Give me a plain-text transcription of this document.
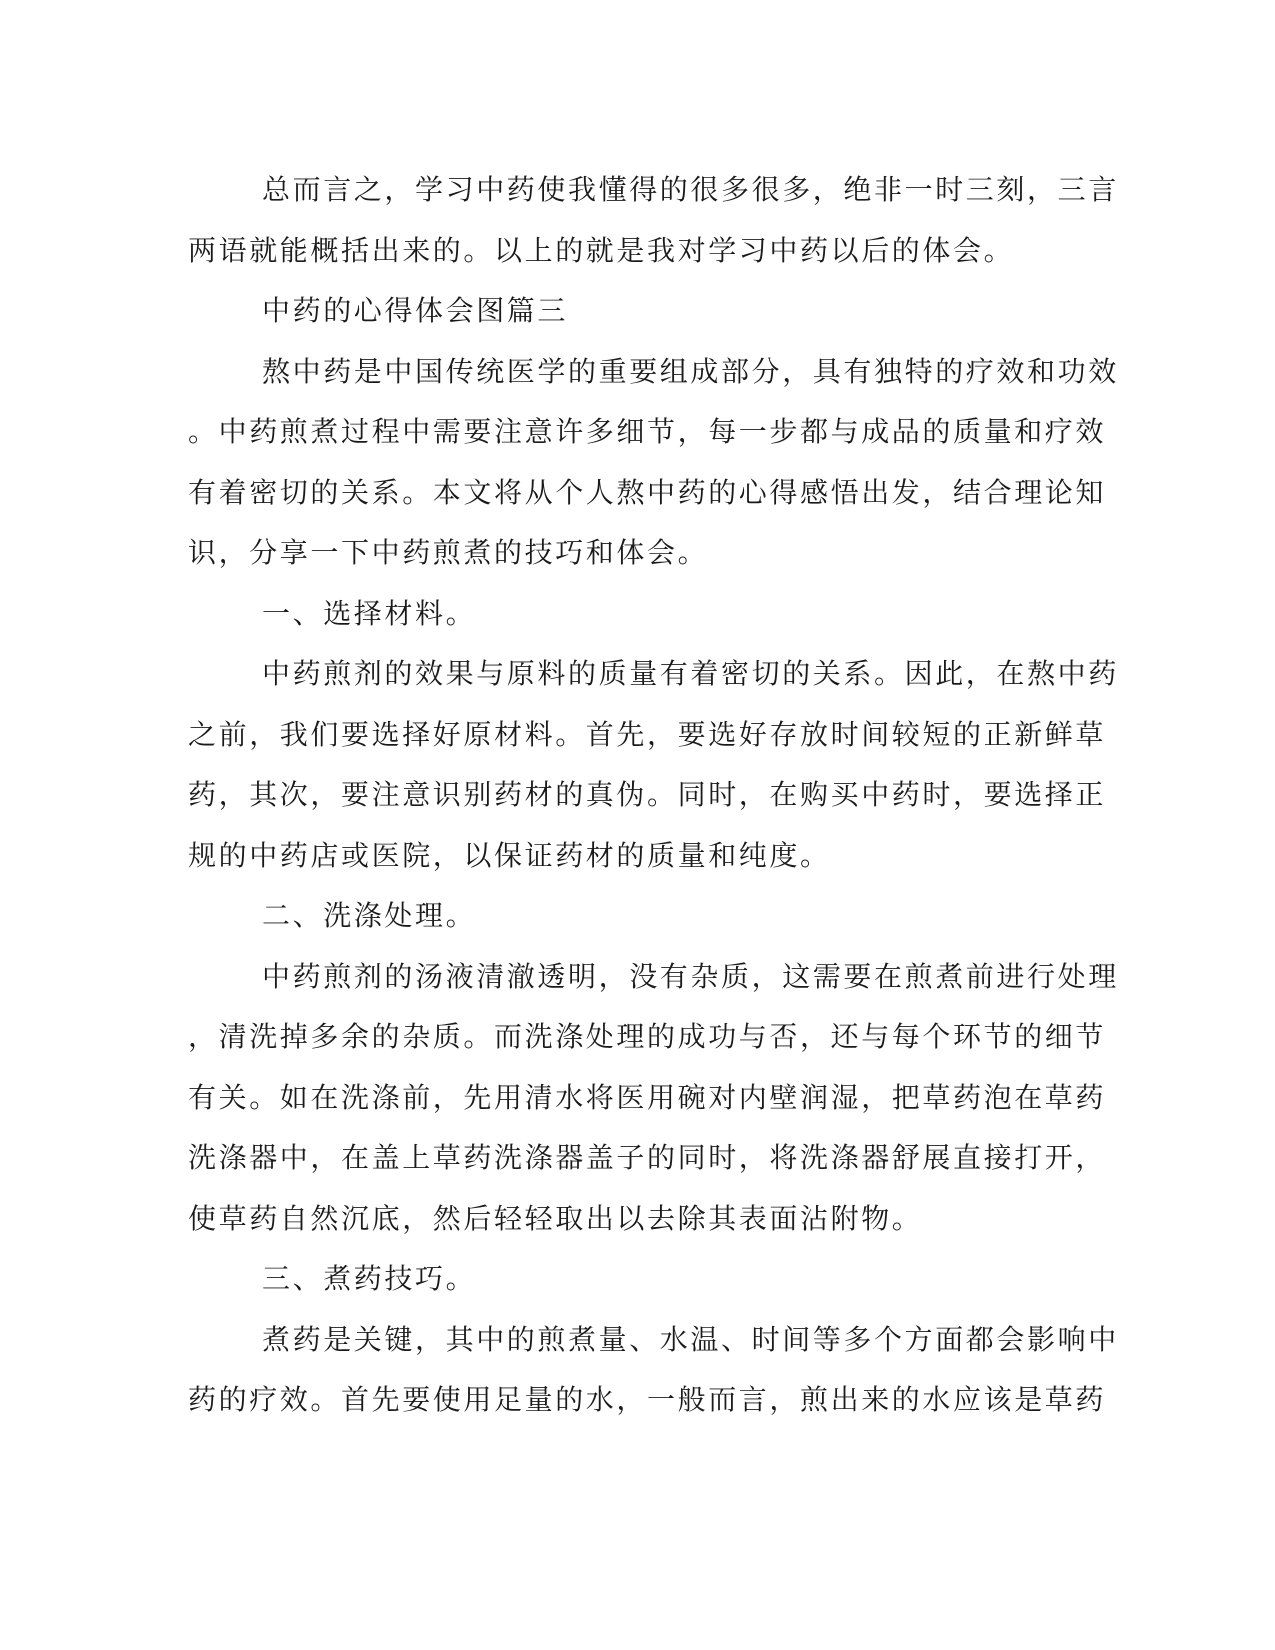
总而言之，学习中药使我懂得的很多很多，绝非一时三刻，三言
两语就能概括出来的。以上的就是我对学习中药以后的体会。
中药的心得体会图篇三
熬中药是中国传统医学的重要组成部分，具有独特的疗效和功效
。中药煎煮过程中需要注意许多细节，每一步都与成品的质量和疗效
有着密切的关系。本文将从个人熬中药的心得感悟出发，结合理论知
识，分享一下中药煎煮的技巧和体会。
一、选择材料。
中药煎剂的效果与原料的质量有着密切的关系。因此，在熬中药
之前，我们要选择好原材料。首先，要选好存放时间较短的正新鲜草
药，其次，要注意识别药材的真伪。同时，在购买中药时，要选择正
规的中药店或医院，以保证药材的质量和纯度。
二、洗涤处理。
中药煎剂的汤液清澈透明，没有杂质，这需要在煎煮前进行处理
，清洗掉多余的杂质。而洗涤处理的成功与否，还与每个环节的细节
有关。如在洗涤前，先用清水将医用碗对内壁润湿，把草药泡在草药
洗涤器中，在盖上草药洗涤器盖子的同时，将洗涤器舒展直接打开，
使草药自然沉底，然后轻轻取出以去除其表面沾附物。
三、煮药技巧。
煮药是关键，其中的煎煮量、水温、时间等多个方面都会影响中
药的疗效。首先要使用足量的水，一般而言，煎出来的水应该是草药
